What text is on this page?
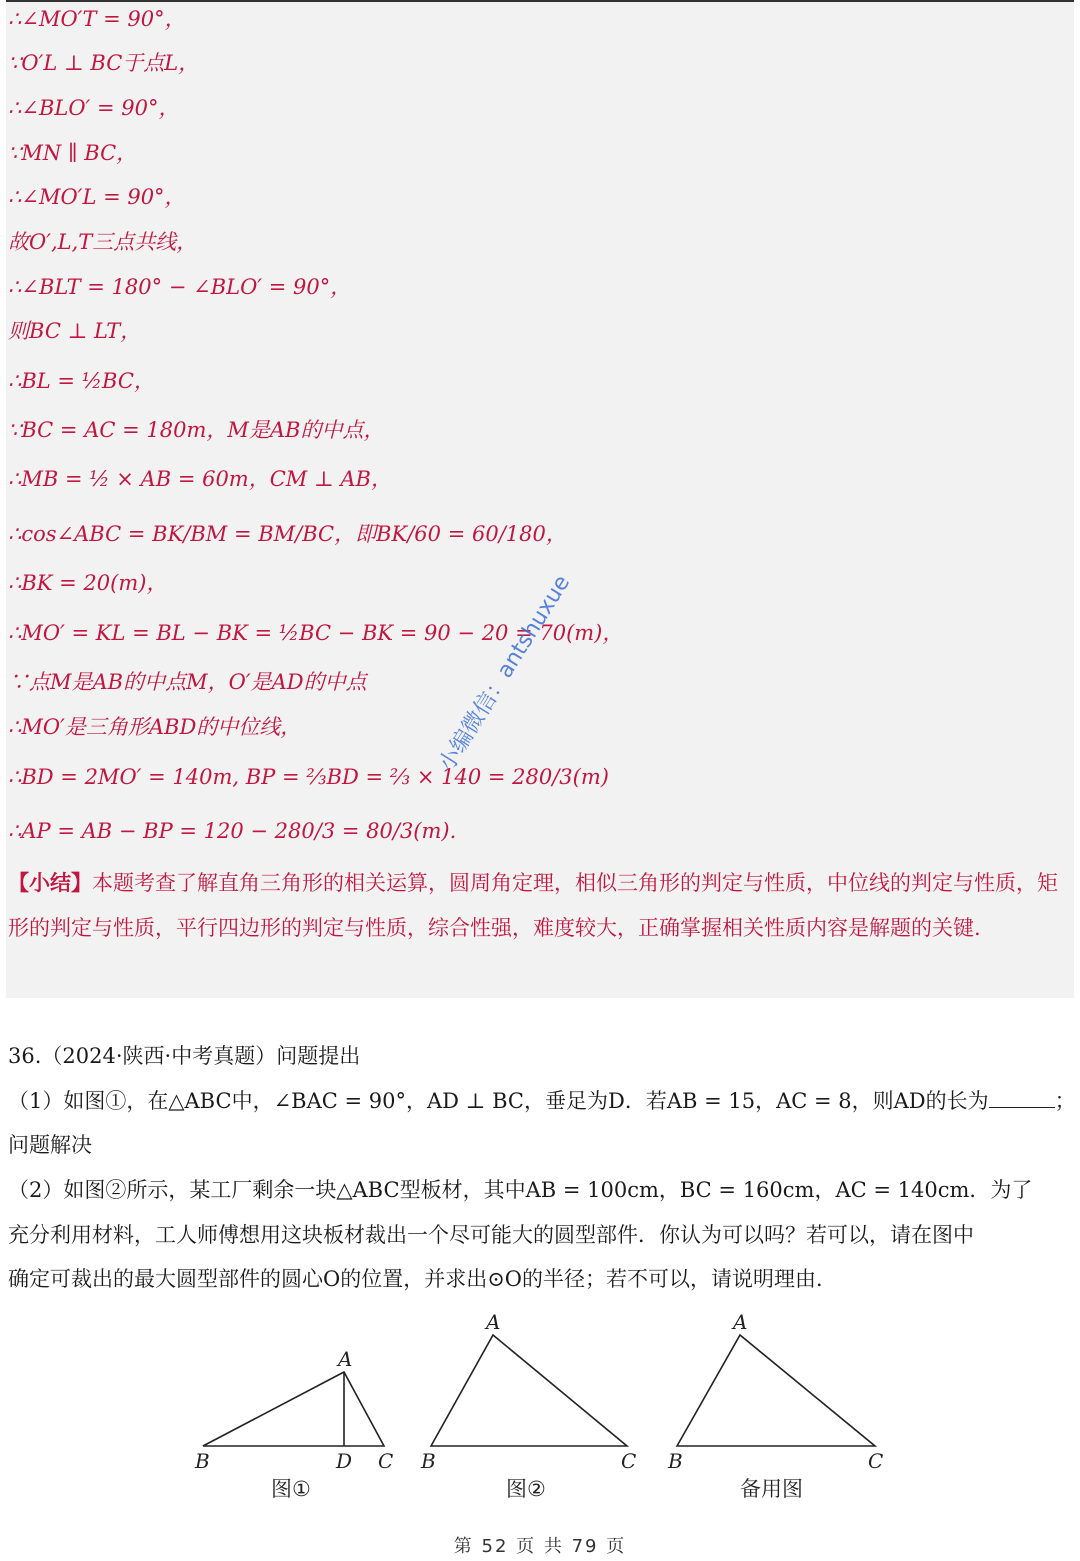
∴∠MO′T = 90°，
∵O′L ⊥ BC于点L，
∴∠BLO′ = 90°，
∵MN ∥ BC，
∴∠MO′L = 90°，
故O′,L,T三点共线，
∴∠BLT = 180° − ∠BLO′ = 90°，
则BC ⊥ LT，
∴BL = ½BC，
∵BC = AC = 180m，M是AB的中点，
∴MB = ½ × AB = 60m，CM ⊥ AB，
∴cos∠ABC = BK/BM = BM/BC，即BK/60 = 60/180，
∴BK = 20(m)，
∴MO′ = KL = BL − BK = ½BC − BK = 90 − 20 = 70(m)，
∵点M是AB的中点M，O′是AD的中点
∴MO′是三角形ABD的中位线，
∴BD = 2MO′ = 140m, BP = ⅔BD = ⅔ × 140 = 280/3(m)
∴AP = AB − BP = 120 − 280/3 = 80/3(m).
【小结】本题考查了解直角三角形的相关运算，圆周角定理，相似三角形的判定与性质，中位线的判定与性质，矩形的判定与性质，平行四边形的判定与性质，综合性强，难度较大，正确掌握相关性质内容是解题的关键.
小编微信：antshuxue
36.（2024·陕西·中考真题）问题提出
（1）如图①，在△ABC中，∠BAC = 90°，AD ⊥ BC，垂足为D．若AB = 15，AC = 8，则AD的长为	；
问题解决
（2）如图②所示，某工厂剩余一块△ABC型板材，其中AB = 100cm，BC = 160cm，AC = 140cm．为了
充分利用材料，工人师傅想用这块板材裁出一个尽可能大的圆型部件．你认为可以吗？若可以，请在图中
确定可裁出的最大圆型部件的圆心O的位置，并求出⊙O的半径；若不可以，请说明理由．
A
B	D C
图①
A
B	C
图②
A
B	C
备用图
第 52 页 共 79 页
